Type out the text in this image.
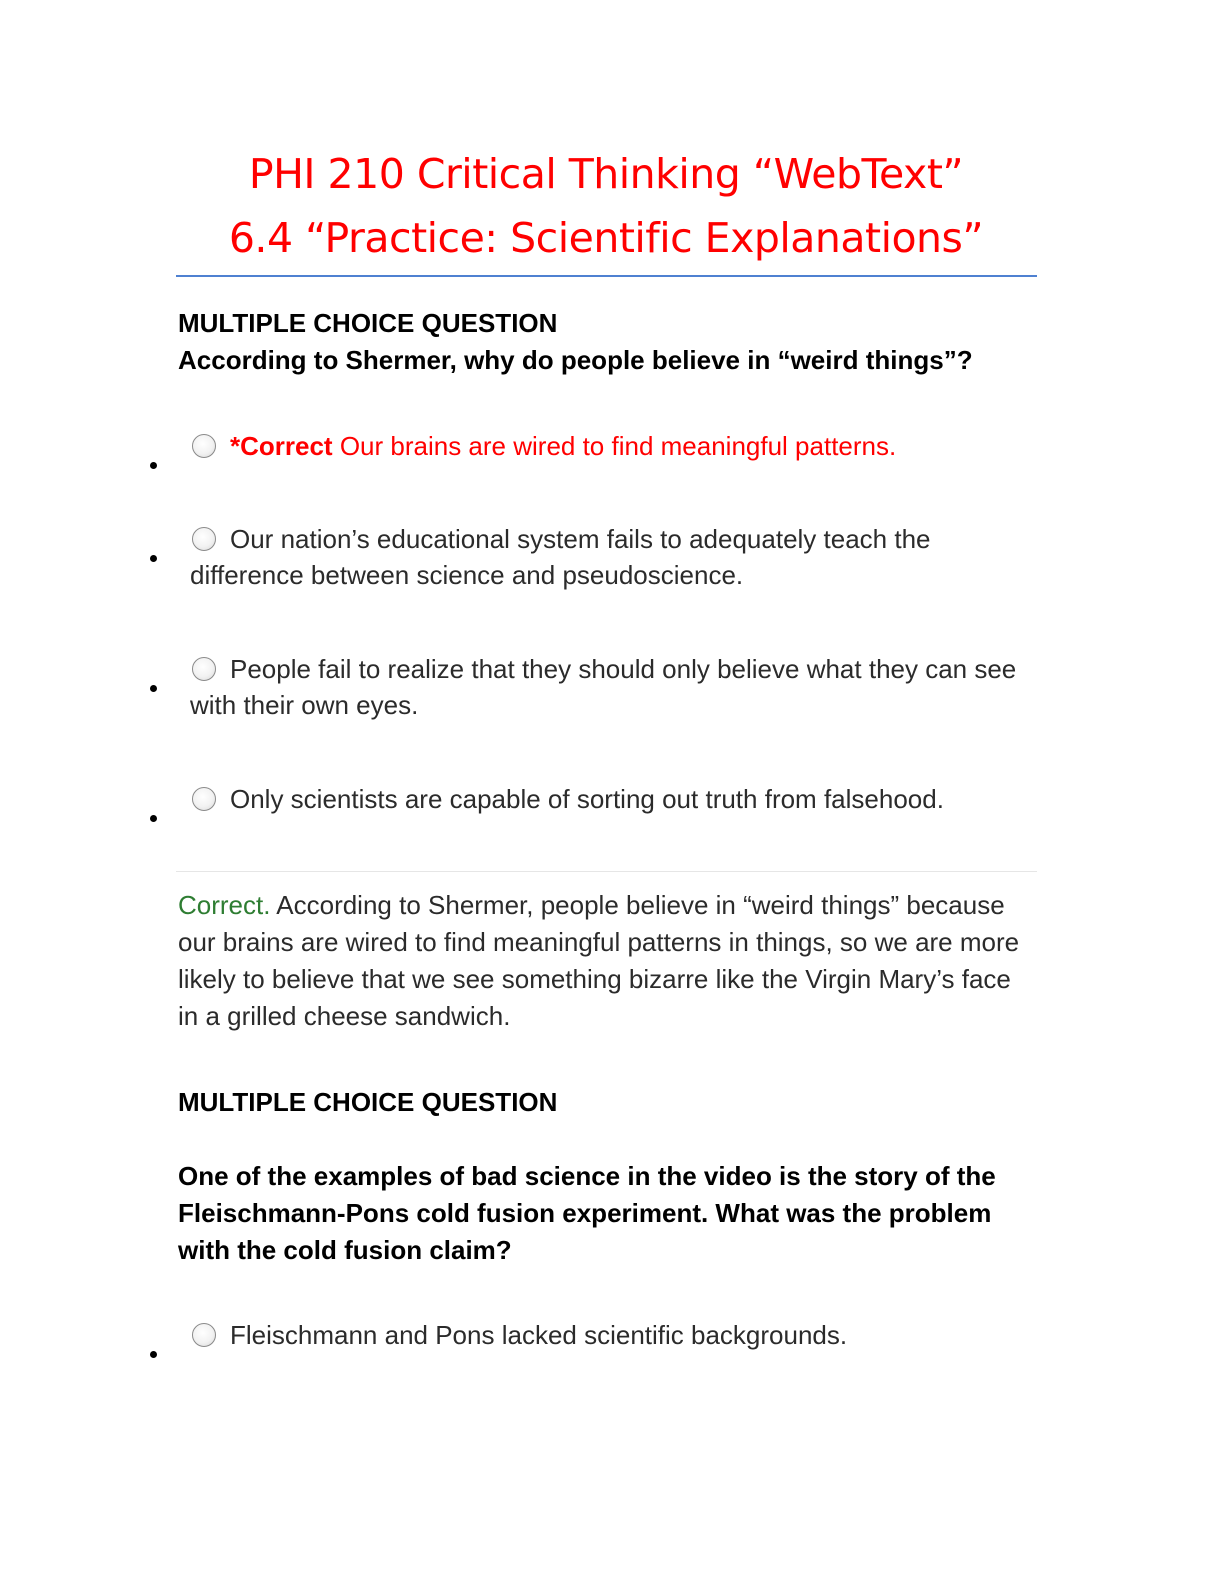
PHI 210 Critical Thinking “WebText”
6.4 “Practice: Scientific Explanations”
MULTIPLE CHOICE QUESTION
According to Shermer, why do people believe in “weird things”?
*Correct Our brains are wired to find meaningful patterns.
Our nation’s educational system fails to adequately teach the difference between science and pseudoscience.
People fail to realize that they should only believe what they can see with their own eyes.
Only scientists are capable of sorting out truth from falsehood.
Correct. According to Shermer, people believe in “weird things” because our brains are wired to find meaningful patterns in things, so we are more likely to believe that we see something bizarre like the Virgin Mary’s face in a grilled cheese sandwich.
MULTIPLE CHOICE QUESTION
One of the examples of bad science in the video is the story of the Fleischmann-Pons cold fusion experiment. What was the problem with the cold fusion claim?
Fleischmann and Pons lacked scientific backgrounds.
